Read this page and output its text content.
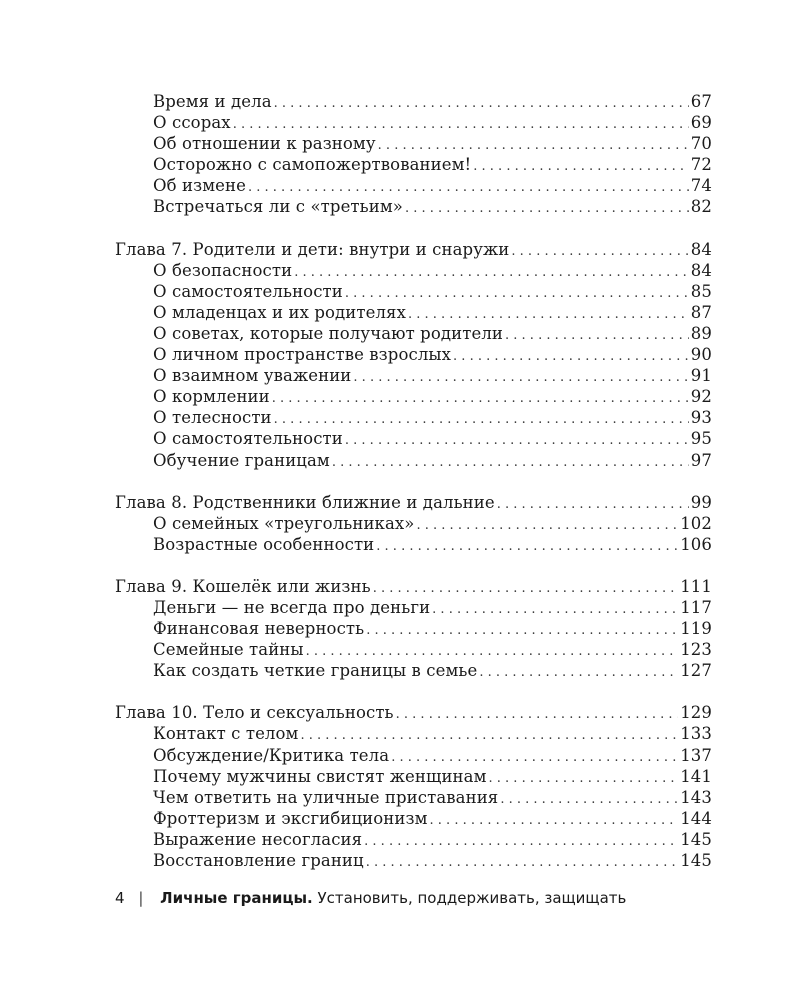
Время и дела . . .	67
О ссорах . . .	69
Об отношении к разному . . .	70
Осторожно с самопожертвованием! . . .	72
Об измене . . .	74
Встречаться ли с «третьим» . . .	82
Глава 7. Родители и дети: внутри и снаружи . . .	84
О безопасности . . .	84
О самостоятельности . . .	85
О младенцах и их родителях . . .	87
О советах, которые получают родители . . .	89
О личном пространстве взрослых . . .	90
О взаимном уважении . . .	91
О кормлении . . .	92
О телесности . . .	93
О самостоятельности . . .	95
Обучение границам . . .	97
Глава 8. Родственники ближние и дальние . . .	99
О семейных «треугольниках» . . .	102
Возрастные особенности . . .	106
Глава 9. Кошелёк или жизнь . . .	111
Деньги — не всегда про деньги . . .	117
Финансовая неверность . . .	119
Семейные тайны . . .	123
Как создать четкие границы в семье . . .	127
Глава 10. Тело и сексуальность . . .	129
Контакт с телом . . .	133
Обсуждение/Критика тела . . .	137
Почему мужчины свистят женщинам . . .	141
Чем ответить на уличные приставания . . .	143
Фроттеризм и эксгибиционизм . . .	144
Выражение несогласия . . .	145
Восстановление границ . . .	145
4 | Личные границы. Установить, поддерживать, защищать
